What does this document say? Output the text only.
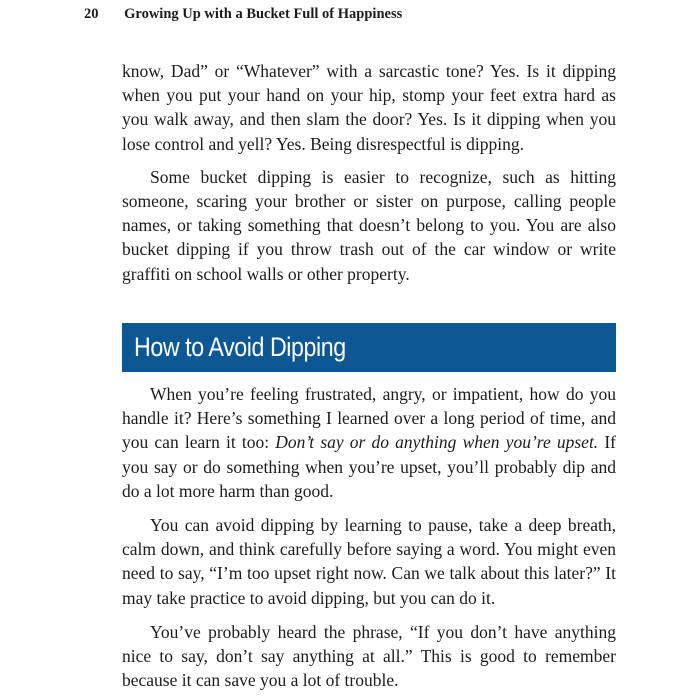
20 Growing Up with a Bucket Full of Happiness

know, Dad” or “Whatever” with a sarcastic tone? Yes. Is it dipping when you put your hand on your hip, stomp your feet extra hard as you walk away, and then slam the door? Yes. Is it dipping when you lose control and yell? Yes. Being disrespectful is dipping.

Some bucket dipping is easier to recognize, such as hitting someone, scaring your brother or sister on purpose, calling people names, or taking something that doesn’t belong to you. You are also bucket dipping if you throw trash out of the car window or write graffiti on school walls or other property.

How to Avoid Dipping

When you’re feeling frustrated, angry, or impatient, how do you handle it? Here’s something I learned over a long period of time, and you can learn it too: Don’t say or do anything when you’re upset. If you say or do something when you’re upset, you’ll probably dip and do a lot more harm than good.

You can avoid dipping by learning to pause, take a deep breath, calm down, and think carefully before saying a word. You might even need to say, “I’m too upset right now. Can we talk about this later?” It may take practice to avoid dipping, but you can do it.

You’ve probably heard the phrase, “If you don’t have anything nice to say, don’t say anything at all.” This is good to remember because it can save you a lot of trouble.
